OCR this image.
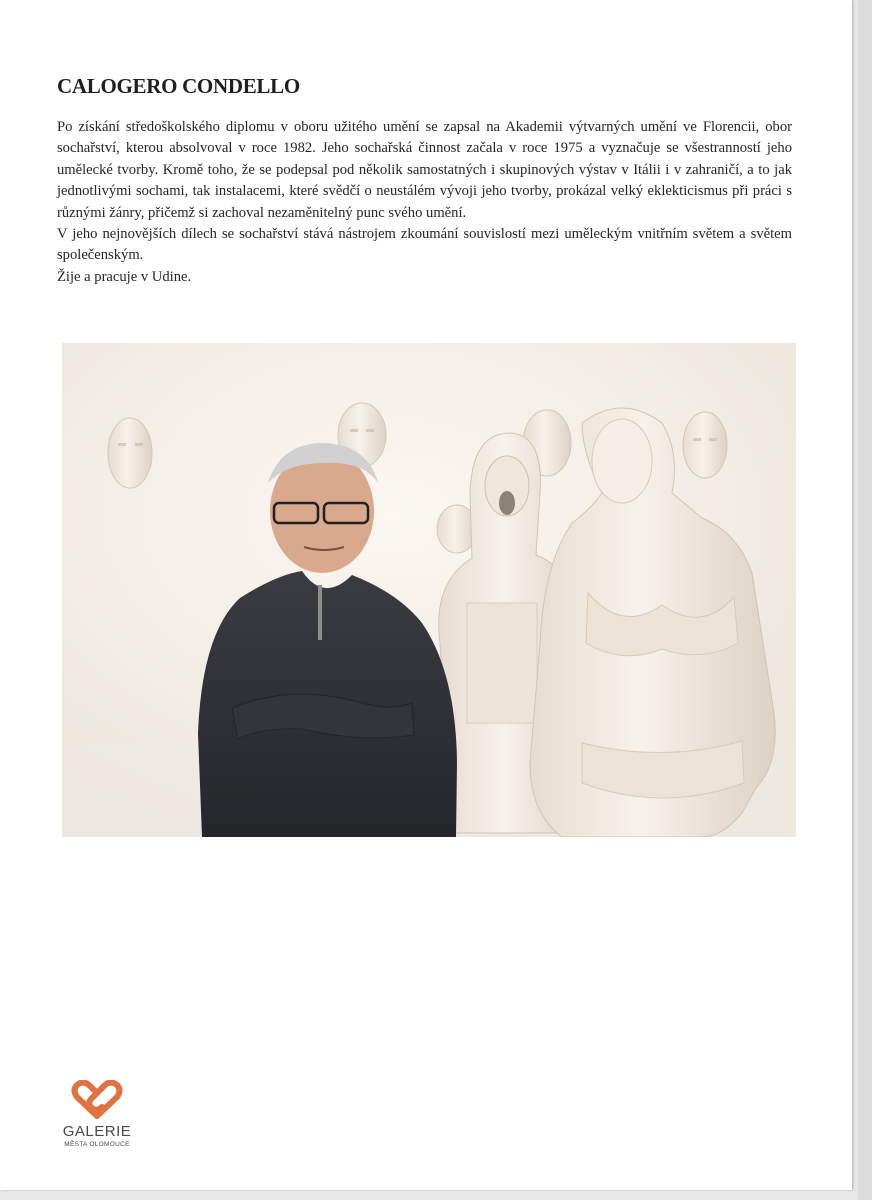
CALOGERO CONDELLO

Po získání středoškolského diplomu v oboru užitého umění se zapsal na Akademii výtvarných umění ve Florencii, obor sochařství, kterou absolvoval v roce 1982. Jeho sochařská činnost začala v roce 1975 a vyznačuje se všestranností jeho umělecké tvorby. Kromě toho, že se podepsal pod několik samostatných i skupinových výstav v Itálii i v zahraničí, a to jak jednotlivými sochami, tak instalacemi, které svědčí o neustálém vývoji jeho tvorby, prokázal velký eklekticismus při práci s různými žánry, přičemž si zachoval nezaměnitelný punc svého umění.

V jeho nejnovějších dílech se sochařství stává nástrojem zkoumání souvislostí mezi uměleckým vnitřním světem a světem společenským.

Žije a pracuje v Udine.

GALERIE
MĚSTA OLOMOUCE
